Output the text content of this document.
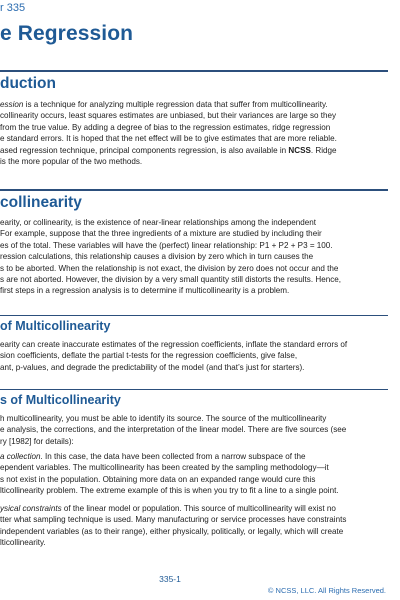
r 335
e Regression
duction
ession is a technique for analyzing multiple regression data that suffer from multicollinearity.
collinearity occurs, least squares estimates are unbiased, but their variances are large so they
from the true value. By adding a degree of bias to the regression estimates, ridge regression
e standard errors. It is hoped that the net effect will be to give estimates that are more reliable.
ased regression technique, principal components regression, is also available in NCSS. Ridge
is the more popular of the two methods.
collinearity
earity, or collinearity, is the existence of near-linear relationships among the independent
For example, suppose that the three ingredients of a mixture are studied by including their
es of the total. These variables will have the (perfect) linear relationship: P1 + P2 + P3 = 100.
ression calculations, this relationship causes a division by zero which in turn causes the
s to be aborted. When the relationship is not exact, the division by zero does not occur and the
s are not aborted. However, the division by a very small quantity still distorts the results. Hence,
first steps in a regression analysis is to determine if multicollinearity is a problem.
of Multicollinearity
earity can create inaccurate estimates of the regression coefficients, inflate the standard errors of
sion coefficients, deflate the partial t-tests for the regression coefficients, give false,
ant, p-values, and degrade the predictability of the model (and that’s just for starters).
s of Multicollinearity
h multicollinearity, you must be able to identify its source. The source of the multicollinearity
e analysis, the corrections, and the interpretation of the linear model. There are five sources (see
ry [1982] for details):
a collection. In this case, the data have been collected from a narrow subspace of the
ependent variables. The multicollinearity has been created by the sampling methodology—it
s not exist in the population. Obtaining more data on an expanded range would cure this
lticollinearity problem. The extreme example of this is when you try to fit a line to a single point.
ysical constraints of the linear model or population. This source of multicollinearity will exist no
tter what sampling technique is used. Many manufacturing or service processes have constraints
independent variables (as to their range), either physically, politically, or legally, which will create
lticollinearity.
335-1
© NCSS, LLC. All Rights Reserved.
